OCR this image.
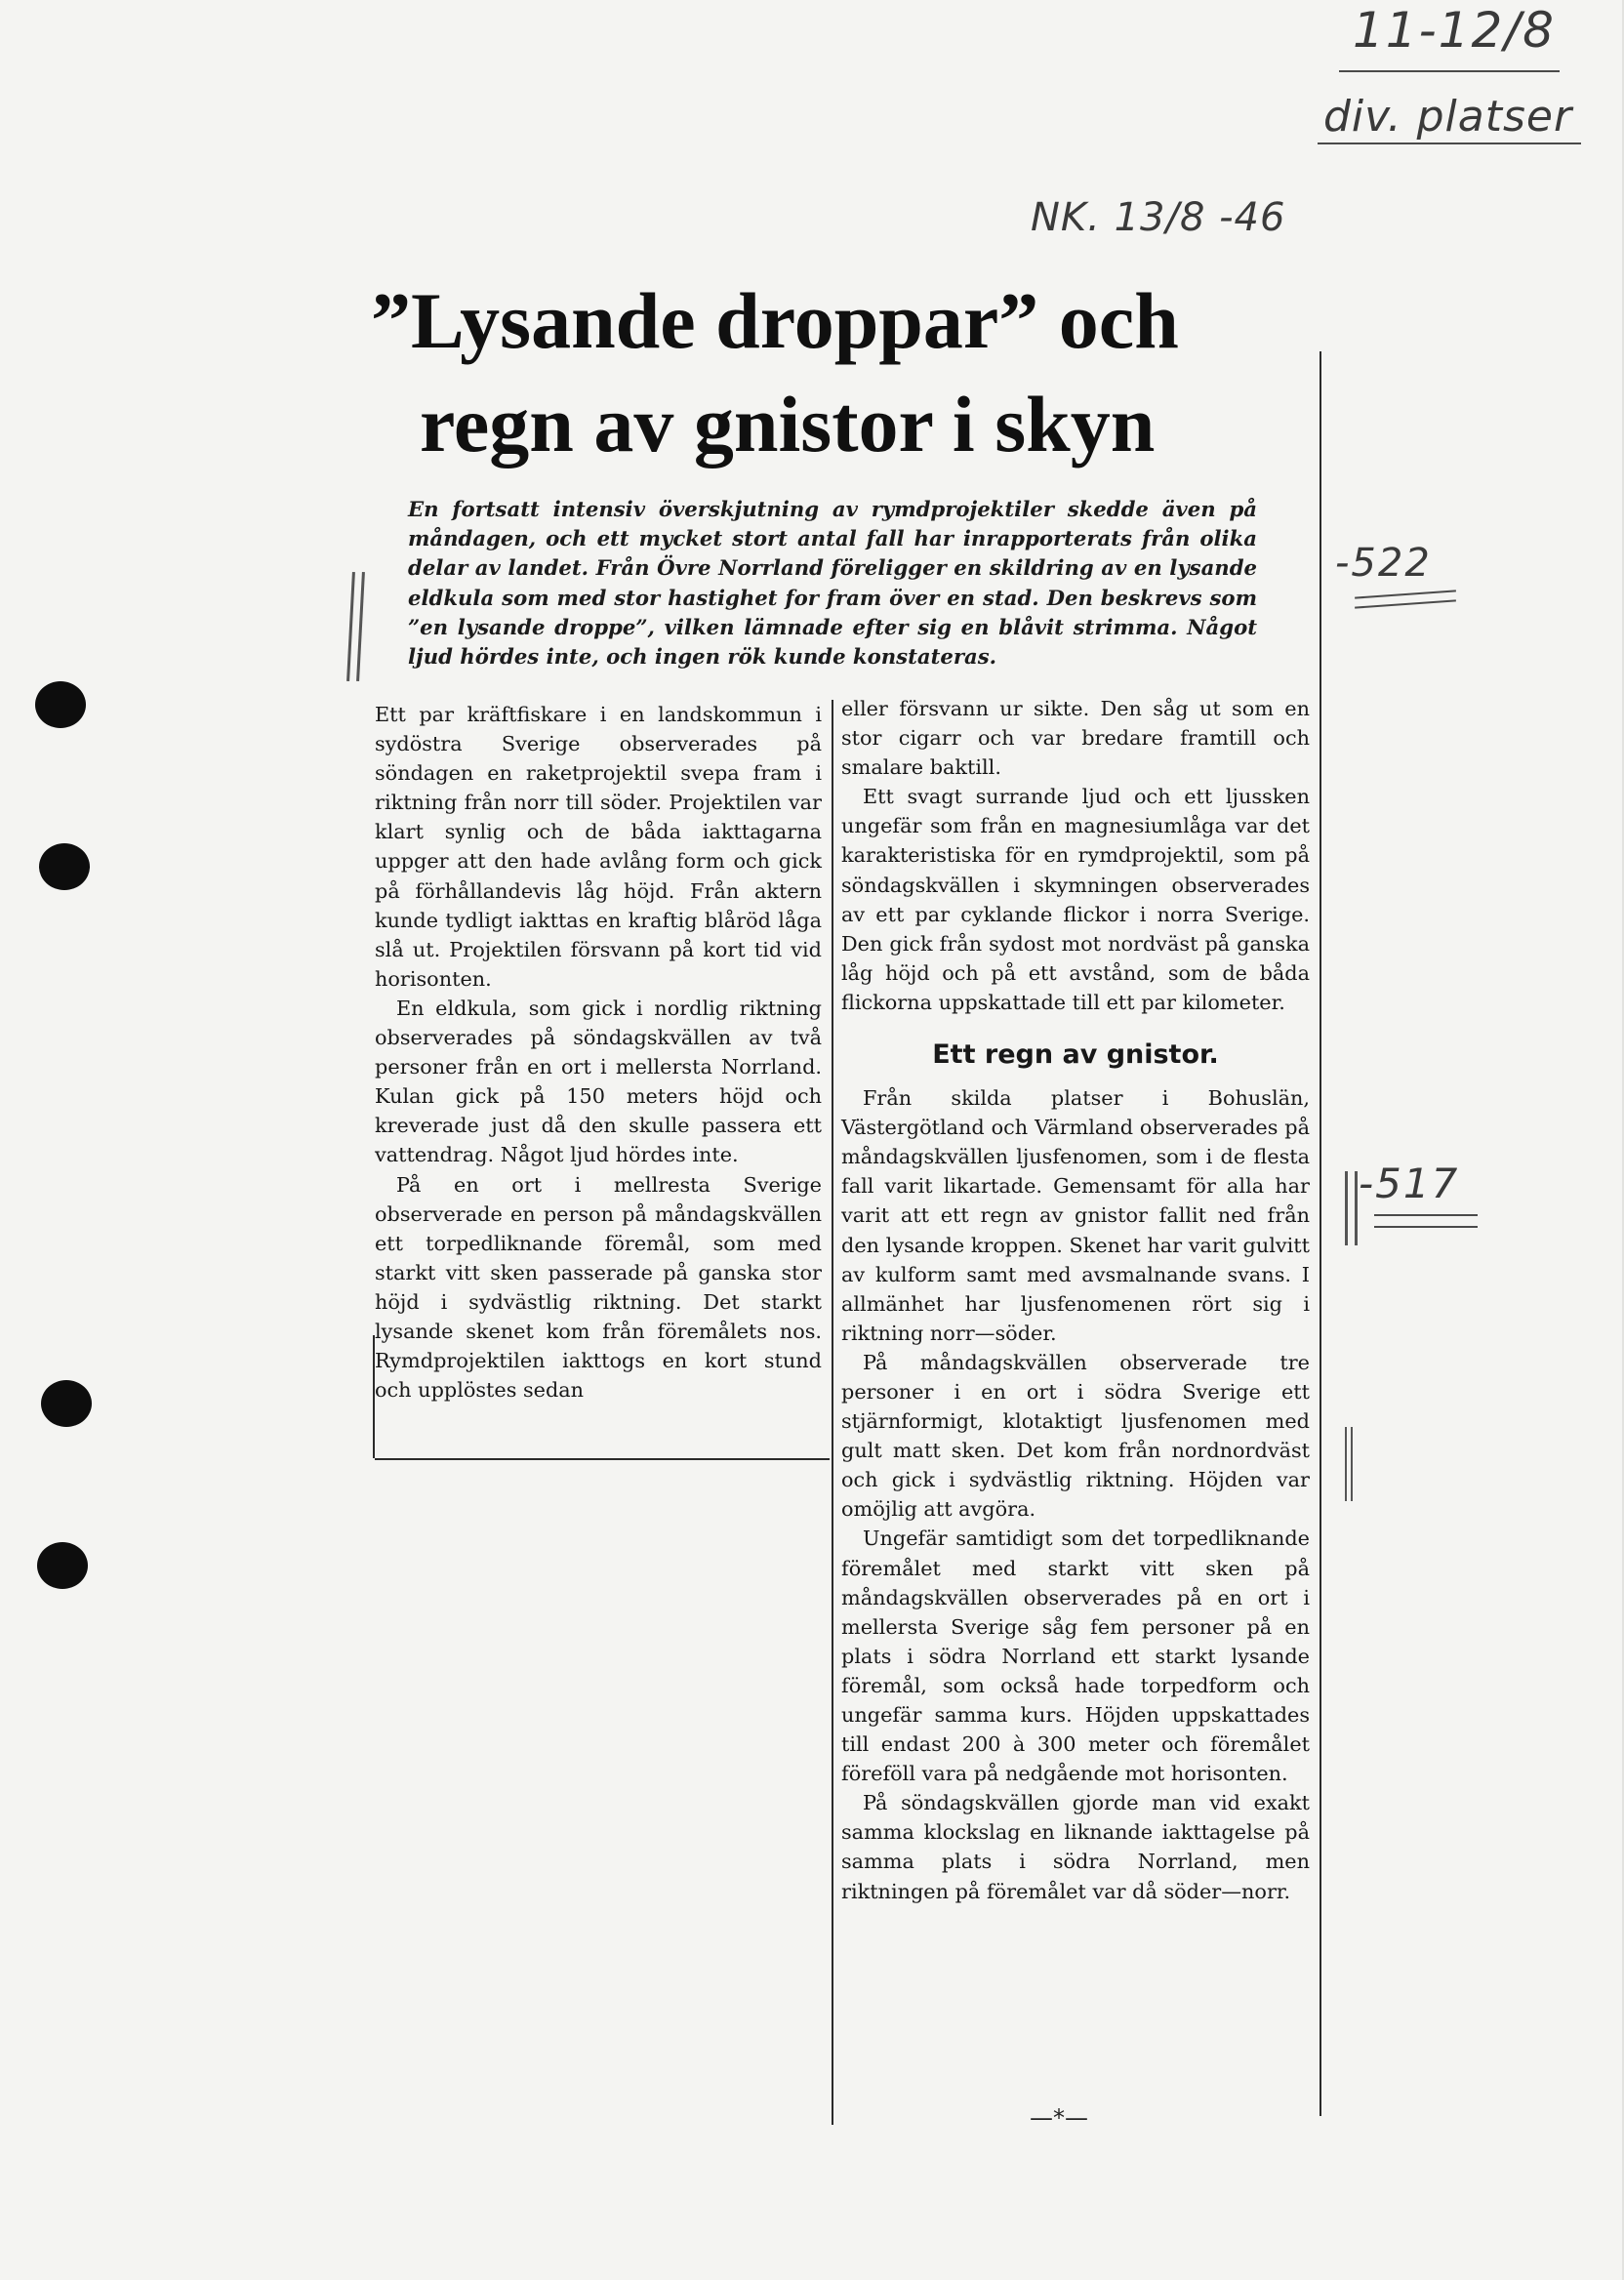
11-12/8
div. platser
NK. 13/8 -46
-522
-517
”Lysande droppar” och
regn av gnistor i skyn

En fortsatt intensiv överskjutning av rymdprojektiler skedde även på måndagen, och ett mycket stort antal fall har inrapporterats från olika delar av landet. Från Övre Norrland föreligger en skildring av en lysande eldkula som med stor hastighet for fram över en stad. Den beskrevs som ”en lysande droppe”, vilken lämnade efter sig en blåvit strimma. Något ljud hördes inte, och ingen rök kunde konstateras.

Ett par kräftfiskare i en landskommun i sydöstra Sverige observerades på söndagen en raketprojektil svepa fram i riktning från norr till söder. Projektilen var klart synlig och de båda iakttagarna uppger att den hade avlång form och gick på förhållandevis låg höjd. Från aktern kunde tydligt iakttas en kraftig blåröd låga slå ut. Projektilen försvann på kort tid vid horisonten.

En eldkula, som gick i nordlig riktning observerades på söndagskvällen av två personer från en ort i mellersta Norrland. Kulan gick på 150 meters höjd och kreverade just då den skulle passera ett vattendrag. Något ljud hördes inte.

På en ort i mellresta Sverige observerade en person på måndagskvällen ett torpedliknande föremål, som med starkt vitt sken passerade på ganska stor höjd i sydvästlig riktning. Det starkt lysande skenet kom från föremålets nos. Rymdprojektilen iakttogs en kort stund och upplöstes sedan

eller försvann ur sikte. Den såg ut som en stor cigarr och var bredare framtill och smalare baktill.

Ett svagt surrande ljud och ett ljussken ungefär som från en magnesiumlåga var det karakteristiska för en rymdprojektil, som på söndagskvällen i skymningen observerades av ett par cyklande flickor i norra Sverige. Den gick från sydost mot nordväst på ganska låg höjd och på ett avstånd, som de båda flickorna uppskattade till ett par kilometer.

Ett regn av gnistor.

Från skilda platser i Bohuslän, Västergötland och Värmland observerades på måndagskvällen ljusfenomen, som i de flesta fall varit likartade. Gemensamt för alla har varit att ett regn av gnistor fallit ned från den lysande kroppen. Skenet har varit gulvitt av kulform samt med avsmalnande svans. I allmänhet har ljusfenomenen rört sig i riktning norr—söder.

På måndagskvällen observerade tre personer i en ort i södra Sverige ett stjärnformigt, klotaktigt ljusfenomen med gult matt sken. Det kom från nordnordväst och gick i sydvästlig riktning. Höjden var omöjlig att avgöra.

Ungefär samtidigt som det torpedliknande föremålet med starkt vitt sken på måndagskvällen observerades på en ort i mellersta Sverige såg fem personer på en plats i södra Norrland ett starkt lysande föremål, som också hade torpedform och ungefär samma kurs. Höjden uppskattades till endast 200 à 300 meter och föremålet föreföll vara på nedgående mot horisonten.

På söndagskvällen gjorde man vid exakt samma klockslag en liknande iakttagelse på samma plats i södra Norrland, men riktningen på föremålet var då söder—norr.

—*—
